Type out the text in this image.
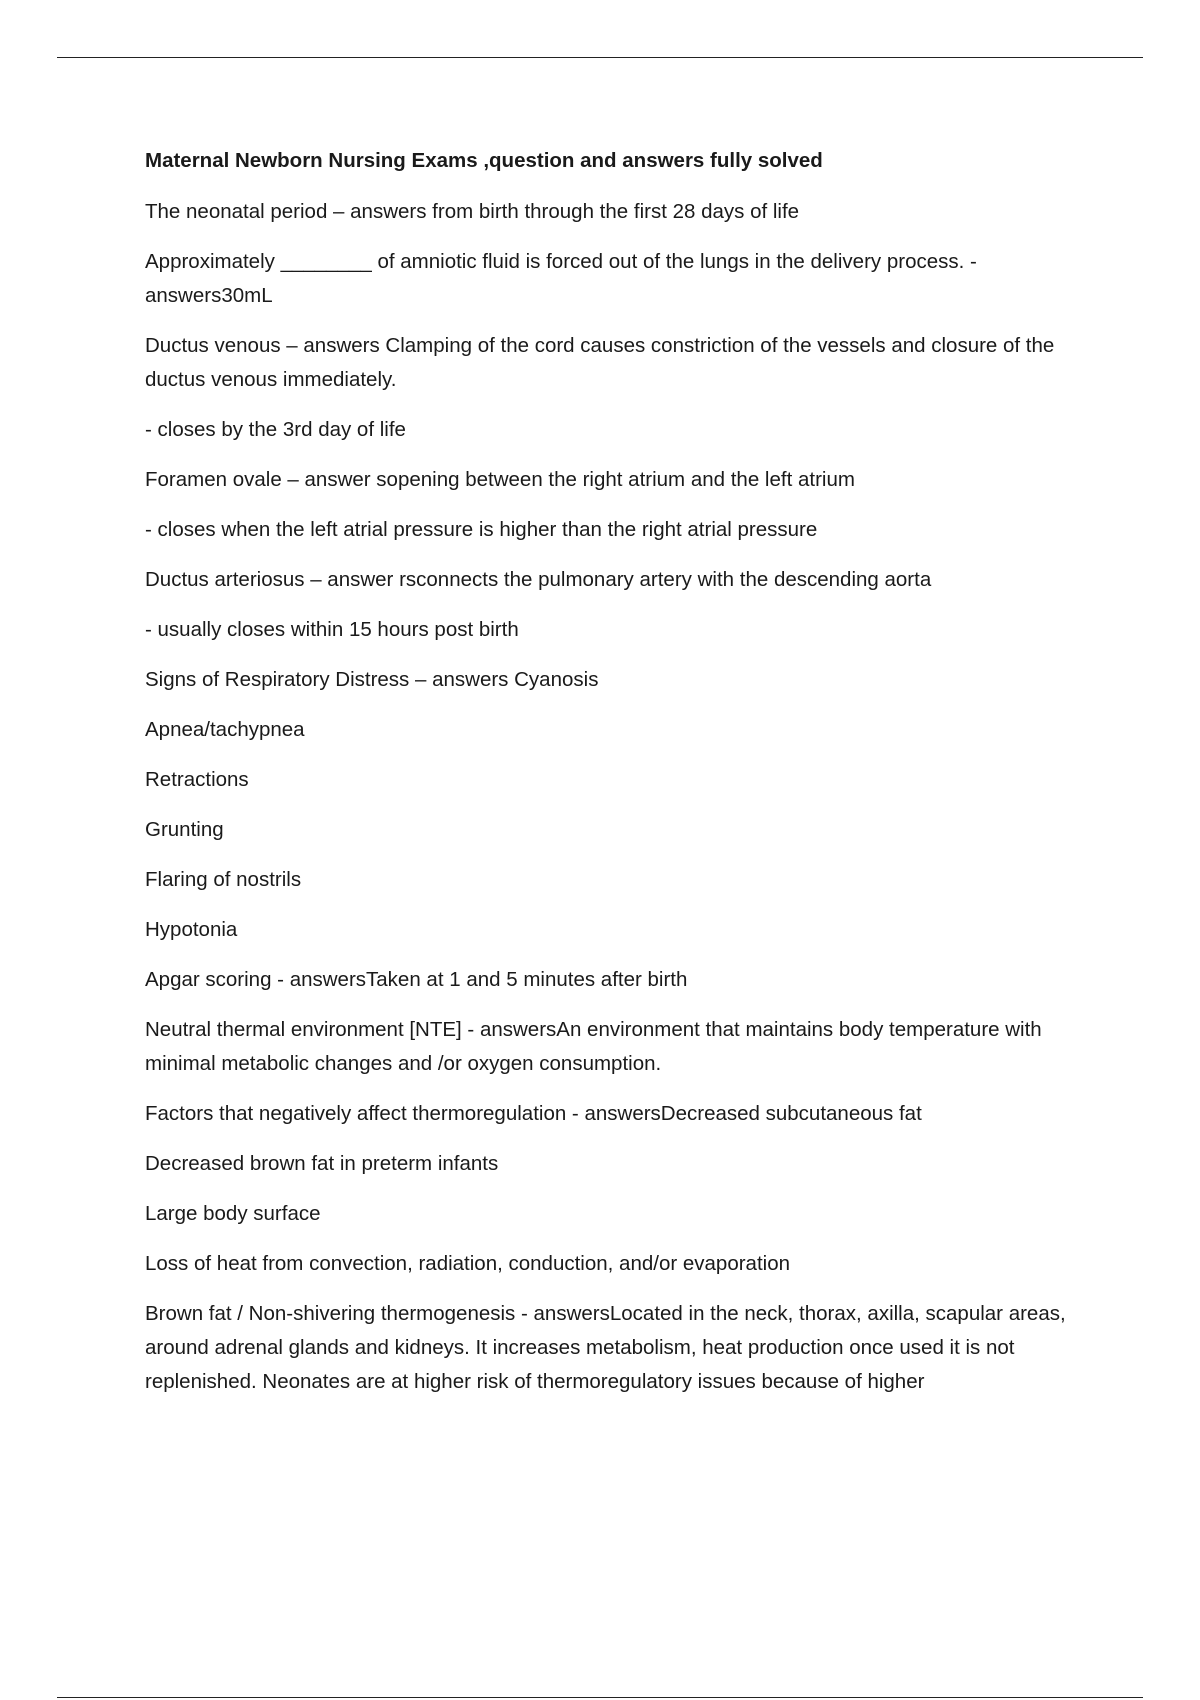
Maternal Newborn Nursing Exams ,question and answers fully solved

The neonatal period – answers from birth through the first 28 days of life

Approximately ________ of amniotic fluid is forced out of the lungs in the delivery process. - answers30mL

Ductus venous – answers Clamping of the cord causes constriction of the vessels and closure of the ductus venous immediately.

- closes by the 3rd day of life

Foramen ovale – answer sopening between the right atrium and the left atrium

- closes when the left atrial pressure is higher than the right atrial pressure

Ductus arteriosus – answer rsconnects the pulmonary artery with the descending aorta

- usually closes within 15 hours post birth

Signs of Respiratory Distress – answers Cyanosis

Apnea/tachypnea

Retractions

Grunting

Flaring of nostrils

Hypotonia

Apgar scoring - answersTaken at 1 and 5 minutes after birth

Neutral thermal environment [NTE] - answersAn environment that maintains body temperature with minimal metabolic changes and /or oxygen consumption.

Factors that negatively affect thermoregulation - answersDecreased subcutaneous fat

Decreased brown fat in preterm infants

Large body surface

Loss of heat from convection, radiation, conduction, and/or evaporation

Brown fat / Non-shivering thermogenesis - answersLocated in the neck, thorax, axilla, scapular areas, around adrenal glands and kidneys. It increases metabolism, heat production once used it is not replenished. Neonates are at higher risk of thermoregulatory issues because of higher
